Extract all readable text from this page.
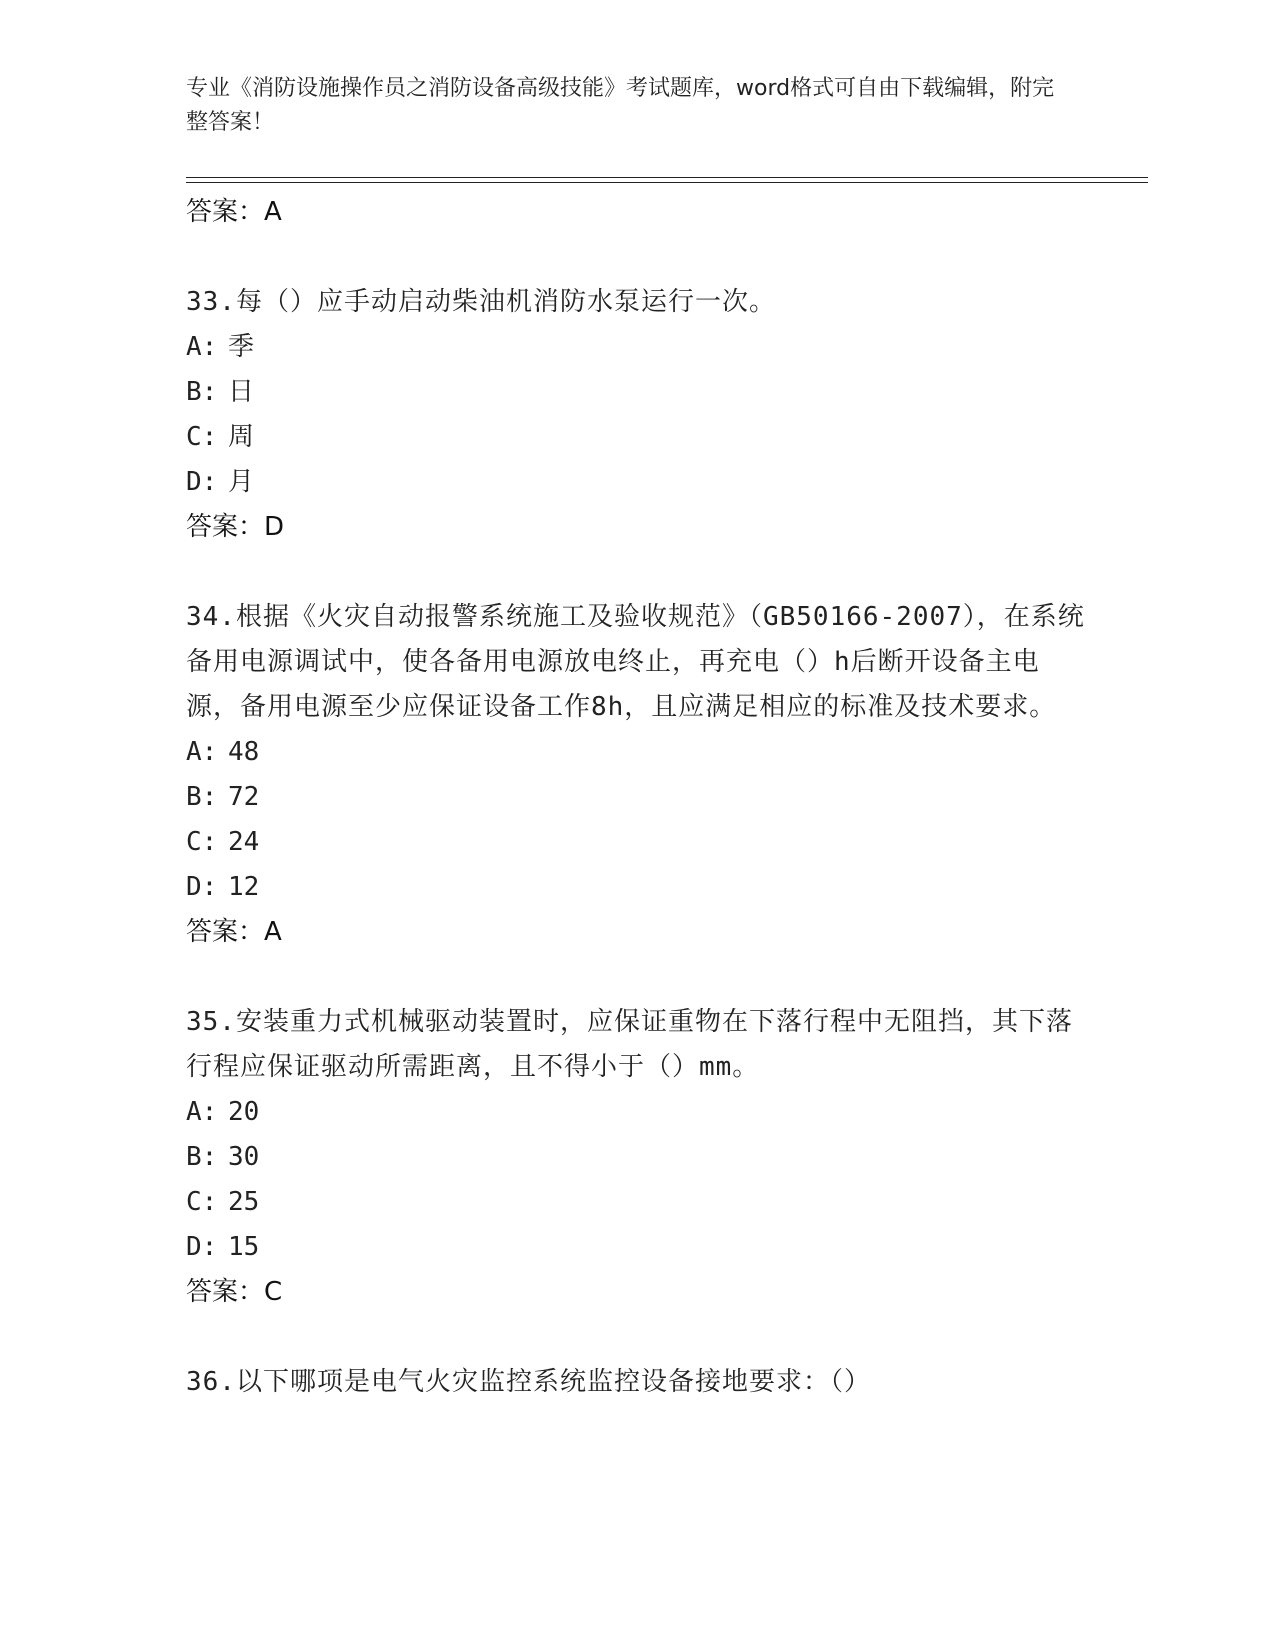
专业《消防设施操作员之消防设备高级技能》考试题库，word格式可自由下载编辑，附完整答案！
答案：A
33.每（）应手动启动柴油机消防水泵运行一次。
A: 季
B: 日
C: 周
D: 月
答案：D
34.根据《火灾自动报警系统施工及验收规范》（GB50166-2007），在系统备用电源调试中，使各备用电源放电终止，再充电（）h后断开设备主电源，备用电源至少应保证设备工作8h，且应满足相应的标准及技术要求。
A: 48
B: 72
C: 24
D: 12
答案：A
35.安装重力式机械驱动装置时，应保证重物在下落行程中无阻挡，其下落行程应保证驱动所需距离，且不得小于（）mm。
A: 20
B: 30
C: 25
D: 15
答案：C
36.以下哪项是电气火灾监控系统监控设备接地要求：（）
